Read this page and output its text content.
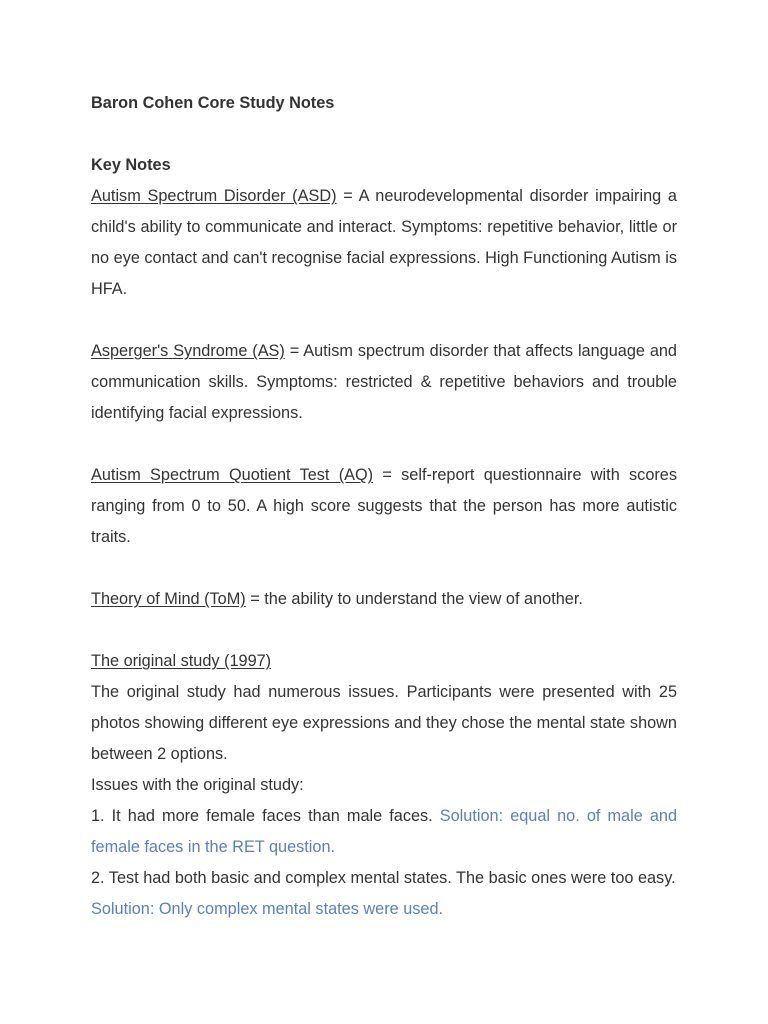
Baron Cohen Core Study Notes

Key Notes

Autism Spectrum Disorder (ASD) = A neurodevelopmental disorder impairing a child's ability to communicate and interact. Symptoms: repetitive behavior, little or no eye contact and can't recognise facial expressions. High Functioning Autism is HFA.

Asperger's Syndrome (AS) = Autism spectrum disorder that affects language and communication skills. Symptoms: restricted & repetitive behaviors and trouble identifying facial expressions.

Autism Spectrum Quotient Test (AQ) = self-report questionnaire with scores ranging from 0 to 50. A high score suggests that the person has more autistic traits.

Theory of Mind (ToM) = the ability to understand the view of another.

The original study (1997)

The original study had numerous issues. Participants were presented with 25 photos showing different eye expressions and they chose the mental state shown between 2 options.

Issues with the original study:

1. It had more female faces than male faces. Solution: equal no. of male and female faces in the RET question.

2. Test had both basic and complex mental states. The basic ones were too easy.
Solution: Only complex mental states were used.
